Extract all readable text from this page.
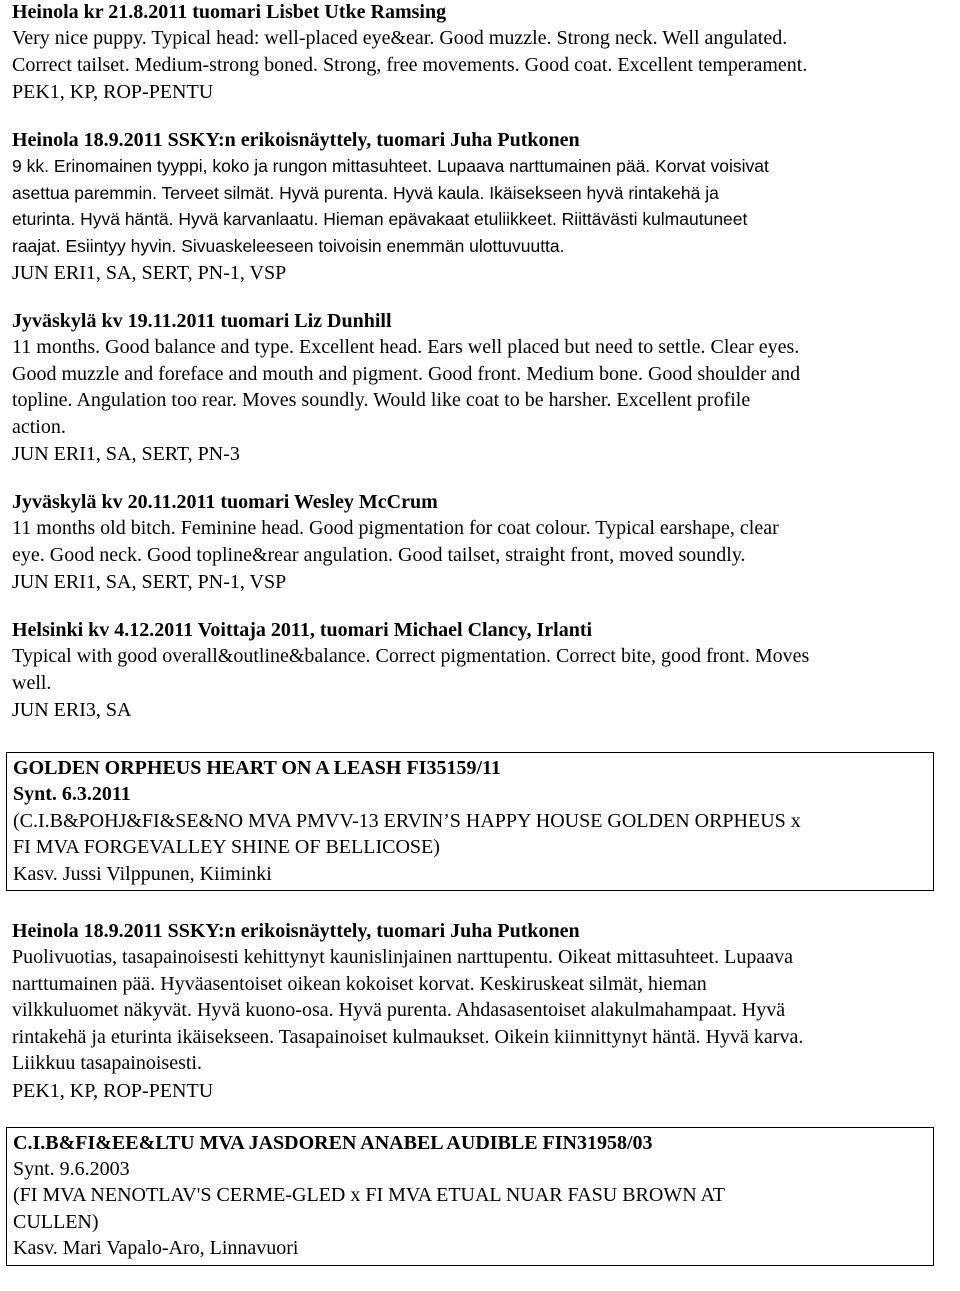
Heinola kr 21.8.2011 tuomari Lisbet Utke Ramsing
Very nice puppy. Typical head: well-placed eye&ear. Good muzzle. Strong neck. Well angulated.
Correct tailset. Medium-strong boned. Strong, free movements. Good coat. Excellent temperament.
PEK1, KP, ROP-PENTU
Heinola 18.9.2011 SSKY:n erikoisnäyttely, tuomari Juha Putkonen
9 kk. Erinomainen tyyppi, koko ja rungon mittasuhteet. Lupaava narttumainen pää. Korvat voisivat
asettua paremmin. Terveet silmät. Hyvä purenta. Hyvä kaula. Ikäisekseen hyvä rintakehä ja
eturinta. Hyvä häntä. Hyvä karvanlaatu. Hieman epävakaat etuliikkeet. Riittävästi kulmautuneet
raajat. Esiintyy hyvin. Sivuaskeleeseen toivoisin enemmän ulottuvuutta.
JUN ERI1, SA, SERT, PN-1, VSP
Jyväskylä kv 19.11.2011 tuomari Liz Dunhill
11 months. Good balance and type. Excellent head. Ears well placed but need to settle. Clear eyes.
Good muzzle and foreface and mouth and pigment. Good front. Medium bone. Good shoulder and
topline. Angulation too rear. Moves soundly. Would like coat to be harsher. Excellent profile
action.
JUN ERI1, SA, SERT, PN-3
Jyväskylä kv 20.11.2011 tuomari Wesley McCrum
11 months old bitch. Feminine head. Good pigmentation for coat colour. Typical earshape, clear
eye. Good neck. Good topline&rear angulation. Good tailset, straight front, moved soundly.
JUN ERI1, SA, SERT, PN-1, VSP
Helsinki kv 4.12.2011 Voittaja 2011, tuomari Michael Clancy, Irlanti
Typical with good overall&outline&balance. Correct pigmentation. Correct bite, good front. Moves
well.
JUN ERI3, SA
GOLDEN ORPHEUS HEART ON A LEASH FI35159/11
Synt. 6.3.2011
(C.I.B&POHJ&FI&SE&NO MVA PMVV-13 ERVIN’S HAPPY HOUSE GOLDEN ORPHEUS x
FI MVA FORGEVALLEY SHINE OF BELLICOSE)
Kasv. Jussi Vilppunen, Kiiminki
Heinola 18.9.2011 SSKY:n erikoisnäyttely, tuomari Juha Putkonen
Puolivuotias, tasapainoisesti kehittynyt kaunislinjainen narttupentu. Oikeat mittasuhteet. Lupaava
narttumainen pää. Hyväasentoiset oikean kokoiset korvat. Keskiruskeat silmät, hieman
vilkkuluomet näkyvät. Hyvä kuono-osa. Hyvä purenta. Ahdasasentoiset alakulmahampaat. Hyvä
rintakehä ja eturinta ikäisekseen. Tasapainoiset kulmaukset. Oikein kiinnittynyt häntä. Hyvä karva.
Liikkuu tasapainoisesti.
PEK1, KP, ROP-PENTU
C.I.B&FI&EE&LTU MVA JASDOREN ANABEL AUDIBLE FIN31958/03
Synt. 9.6.2003
(FI MVA NENOTLAV'S CERME-GLED x FI MVA ETUAL NUAR FASU BROWN AT
CULLEN)
Kasv. Mari Vapalo-Aro, Linnavuori
